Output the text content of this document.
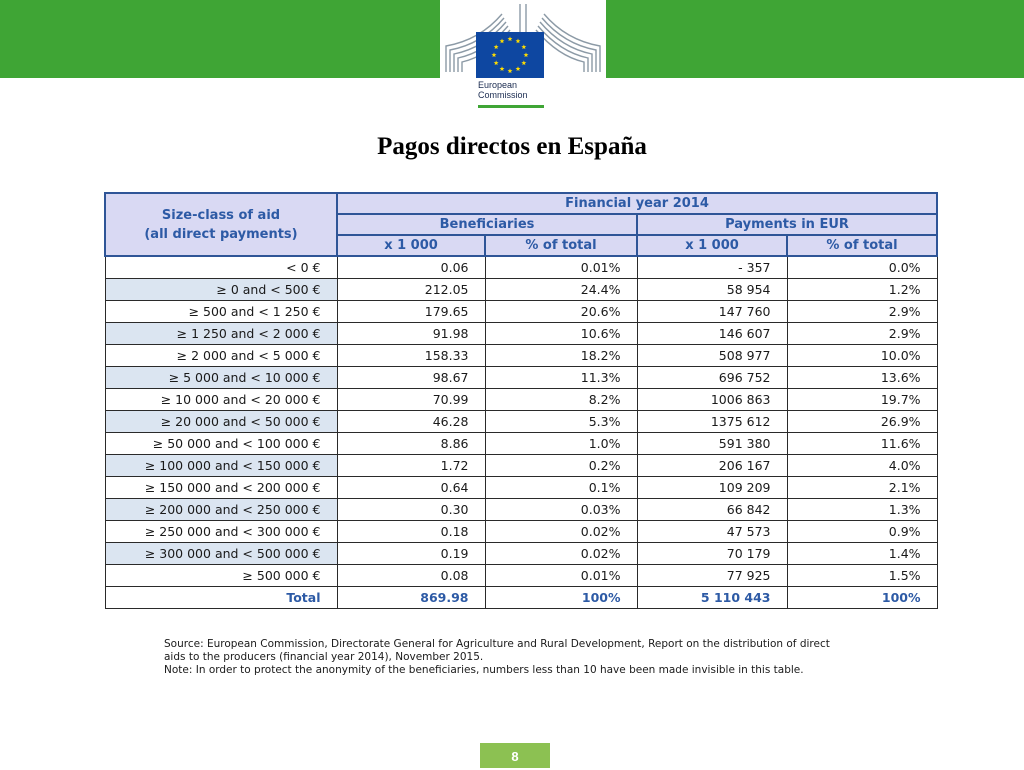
European
Commission
Pagos directos en España
Size-class of aid
(all direct payments)	Financial year 2014			
	Beneficiaries		Payments in EUR	
	x 1 000	% of total	x 1 000	% of total
< 0 €	0.06	0.01%	- 357	0.0%
≥ 0 and < 500 €	212.05	24.4%	58 954	1.2%
≥ 500 and < 1 250 €	179.65	20.6%	147 760	2.9%
≥ 1 250 and < 2 000 €	91.98	10.6%	146 607	2.9%
≥ 2 000 and < 5 000 €	158.33	18.2%	508 977	10.0%
≥ 5 000 and < 10 000 €	98.67	11.3%	696 752	13.6%
≥ 10 000 and < 20 000 €	70.99	8.2%	1006 863	19.7%
≥ 20 000 and < 50 000 €	46.28	5.3%	1375 612	26.9%
≥ 50 000 and < 100 000 €	8.86	1.0%	591 380	11.6%
≥ 100 000 and < 150 000 €	1.72	0.2%	206 167	4.0%
≥ 150 000 and < 200 000 €	0.64	0.1%	109 209	2.1%
≥ 200 000 and < 250 000 €	0.30	0.03%	66 842	1.3%
≥ 250 000 and < 300 000 €	0.18	0.02%	47 573	0.9%
≥ 300 000 and < 500 000 €	0.19	0.02%	70 179	1.4%
≥ 500 000 €	0.08	0.01%	77 925	1.5%
Total	869.98	100%	5 110 443	100%
Source: European Commission, Directorate General for Agriculture and Rural Development, Report on the distribution of direct
aids to the producers (financial year 2014), November 2015.
Note: In order to protect the anonymity of the beneficiaries, numbers less than 10 have been made invisible in this table.
8
